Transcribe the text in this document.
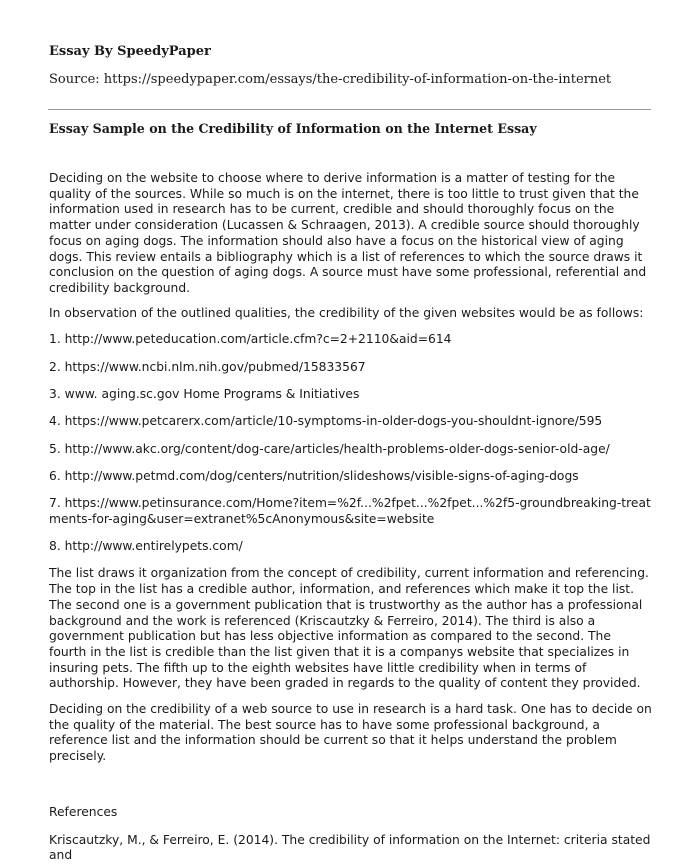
Essay By SpeedyPaper
Source: https://speedypaper.com/essays/the-credibility-of-information-on-the-internet
Essay Sample on the Credibility of Information on the Internet Essay

Deciding on the website to choose where to derive information is a matter of testing for the quality of the sources. While so much is on the internet, there is too little to trust given that the information used in research has to be current, credible and should thoroughly focus on the matter under consideration (Lucassen & Schraagen, 2013). A credible source should thoroughly focus on aging dogs. The information should also have a focus on the historical view of aging dogs. This review entails a bibliography which is a list of references to which the source draws it conclusion on the question of aging dogs. A source must have some professional, referential and credibility background.

In observation of the outlined qualities, the credibility of the given websites would be as follows:

1. http://www.peteducation.com/article.cfm?c=2+2110&aid=614
2. https://www.ncbi.nlm.nih.gov/pubmed/15833567
3. www. aging.sc.gov Home Programs & Initiatives
4. https://www.petcarerx.com/article/10-symptoms-in-older-dogs-you-shouldnt-ignore/595
5. http://www.akc.org/content/dog-care/articles/health-problems-older-dogs-senior-old-age/
6. http://www.petmd.com/dog/centers/nutrition/slideshows/visible-signs-of-aging-dogs
7. https://www.petinsurance.com/Home?item=%2f...%2fpet...%2fpet...%2f5-groundbreaking-treatments-for-aging&user=extranet%5cAnonymous&site=website
8. http://www.entirelypets.com/

The list draws it organization from the concept of credibility, current information and referencing. The top in the list has a credible author, information, and references which make it top the list. The second one is a government publication that is trustworthy as the author has a professional background and the work is referenced (Kriscautzky & Ferreiro, 2014). The third is also a government publication but has less objective information as compared to the second. The fourth in the list is credible than the list given that it is a companys website that specializes in insuring pets. The fifth up to the eighth websites have little credibility when in terms of authorship. However, they have been graded in regards to the quality of content they provided.

Deciding on the credibility of a web source to use in research is a hard task. One has to decide on the quality of the material. The best source has to have some professional background, a reference list and the information should be current so that it helps understand the problem precisely.

References

Kriscautzky, M., & Ferreiro, E. (2014). The credibility of information on the Internet: criteria stated and
